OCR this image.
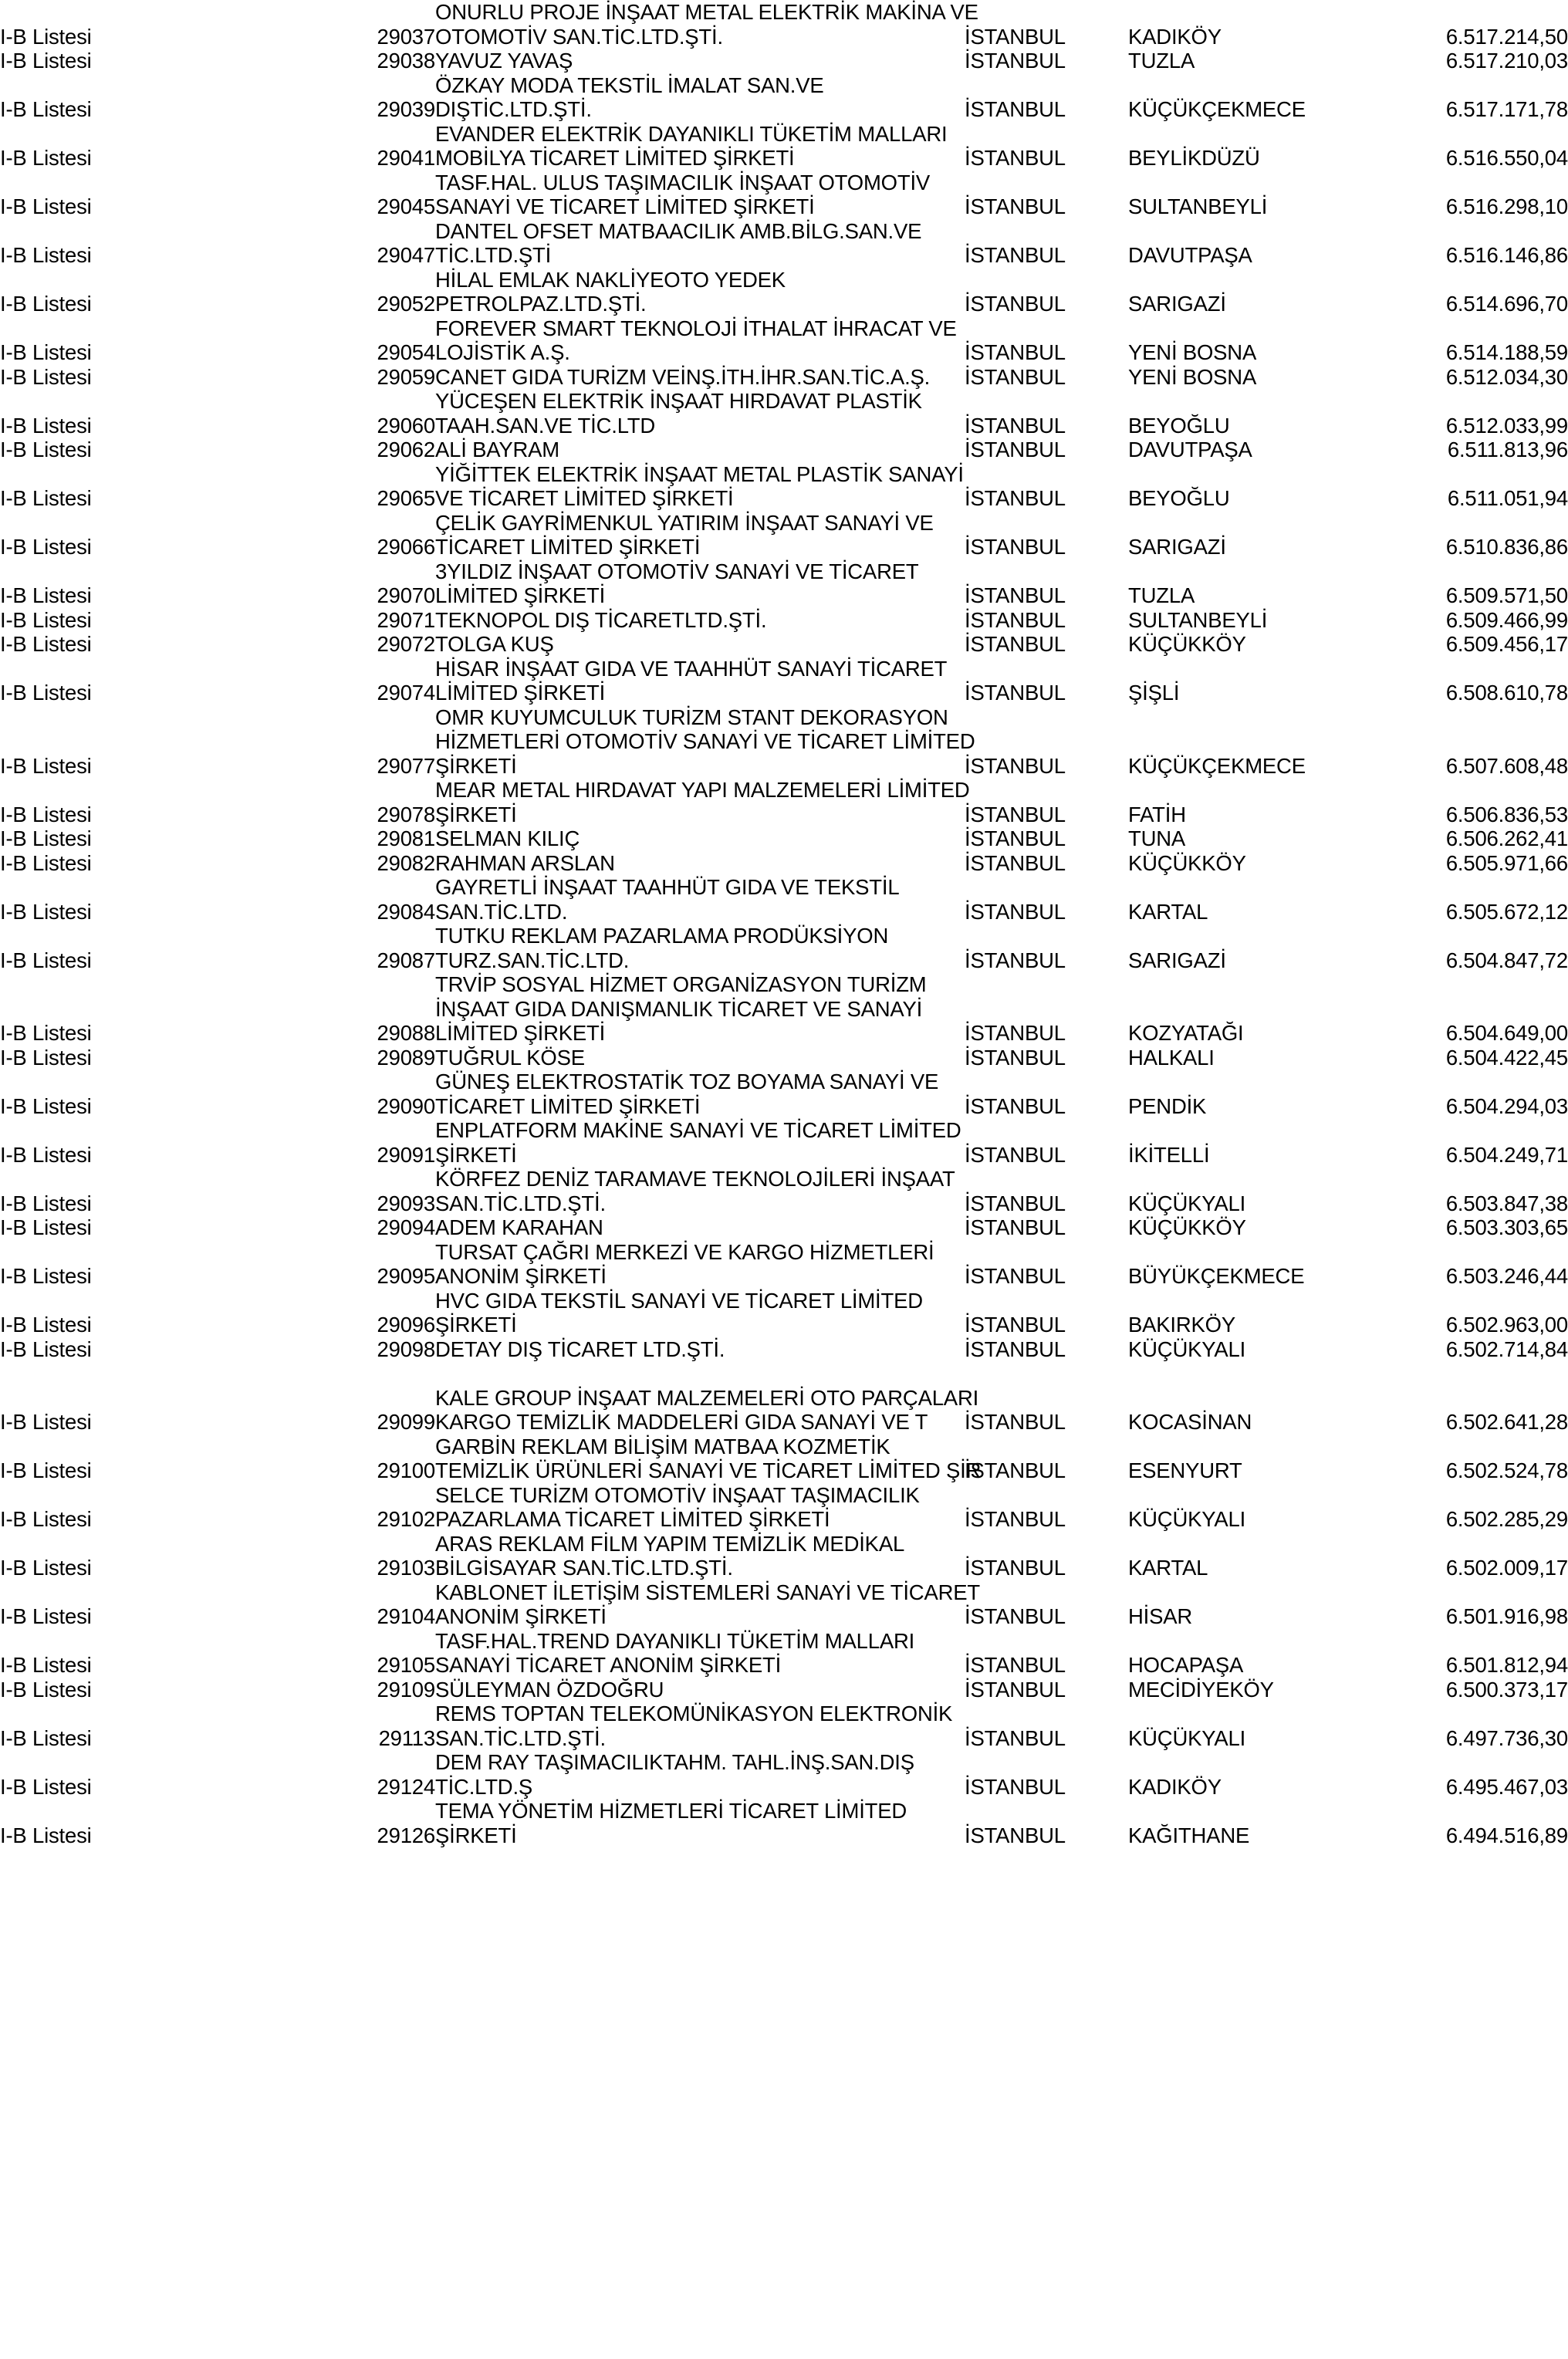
I-B Listesi	29037	ONURLU PROJE İNŞAAT METAL ELEKTRİK MAKİNA VE
OTOMOTİV SAN.TİC.LTD.ŞTİ.	İSTANBUL	KADIKÖY	6.517.214,50
I-B Listesi	29038	YAVUZ YAVAŞ	İSTANBUL	TUZLA	6.517.210,03
I-B Listesi	29039	ÖZKAY MODA TEKSTİL İMALAT SAN.VE
DIŞTİC.LTD.ŞTİ.	İSTANBUL	KÜÇÜKÇEKMECE	6.517.171,78
I-B Listesi	29041	EVANDER ELEKTRİK DAYANIKLI TÜKETİM MALLARI
MOBİLYA TİCARET LİMİTED ŞİRKETİ	İSTANBUL	BEYLİKDÜZÜ	6.516.550,04
I-B Listesi	29045	TASF.HAL. ULUS TAŞIMACILIK İNŞAAT OTOMOTİV
SANAYİ VE TİCARET LİMİTED ŞİRKETİ	İSTANBUL	SULTANBEYLİ	6.516.298,10
I-B Listesi	29047	DANTEL OFSET MATBAACILIK AMB.BİLG.SAN.VE
TİC.LTD.ŞTİ	İSTANBUL	DAVUTPAŞA	6.516.146,86
I-B Listesi	29052	HİLAL EMLAK NAKLİYEOTO YEDEK
PETROLPAZ.LTD.ŞTİ.	İSTANBUL	SARIGAZİ	6.514.696,70
I-B Listesi	29054	FOREVER SMART TEKNOLOJİ İTHALAT İHRACAT VE
LOJİSTİK A.Ş.	İSTANBUL	YENİ BOSNA	6.514.188,59
I-B Listesi	29059	CANET GIDA TURİZM VEİNŞ.İTH.İHR.SAN.TİC.A.Ş.	İSTANBUL	YENİ BOSNA	6.512.034,30
I-B Listesi	29060	YÜCEŞEN ELEKTRİK İNŞAAT HIRDAVAT PLASTİK
TAAH.SAN.VE TİC.LTD	İSTANBUL	BEYOĞLU	6.512.033,99
I-B Listesi	29062	ALİ BAYRAM	İSTANBUL	DAVUTPAŞA	6.511.813,96
I-B Listesi	29065	YİĞİTTEK ELEKTRİK İNŞAAT METAL PLASTİK SANAYİ
VE TİCARET LİMİTED ŞİRKETİ	İSTANBUL	BEYOĞLU	6.511.051,94
I-B Listesi	29066	ÇELİK GAYRİMENKUL YATIRIM İNŞAAT SANAYİ VE
TİCARET LİMİTED ŞİRKETİ	İSTANBUL	SARIGAZİ	6.510.836,86
I-B Listesi	29070	3YILDIZ İNŞAAT OTOMOTİV SANAYİ VE TİCARET
LİMİTED ŞİRKETİ	İSTANBUL	TUZLA	6.509.571,50
I-B Listesi	29071	TEKNOPOL DIŞ TİCARETLTD.ŞTİ.	İSTANBUL	SULTANBEYLİ	6.509.466,99
I-B Listesi	29072	TOLGA KUŞ	İSTANBUL	KÜÇÜKKÖY	6.509.456,17
I-B Listesi	29074	HİSAR İNŞAAT GIDA VE TAAHHÜT SANAYİ TİCARET
LİMİTED ŞİRKETİ	İSTANBUL	ŞİŞLİ	6.508.610,78
I-B Listesi	29077	OMR KUYUMCULUK TURİZM STANT DEKORASYON
HİZMETLERİ OTOMOTİV SANAYİ VE TİCARET LİMİTED
ŞİRKETİ	İSTANBUL	KÜÇÜKÇEKMECE	6.507.608,48
I-B Listesi	29078	MEAR METAL HIRDAVAT YAPI MALZEMELERİ LİMİTED
ŞİRKETİ	İSTANBUL	FATİH	6.506.836,53
I-B Listesi	29081	SELMAN KILIÇ	İSTANBUL	TUNA	6.506.262,41
I-B Listesi	29082	RAHMAN ARSLAN	İSTANBUL	KÜÇÜKKÖY	6.505.971,66
I-B Listesi	29084	GAYRETLİ İNŞAAT TAAHHÜT GIDA VE TEKSTİL
SAN.TİC.LTD.	İSTANBUL	KARTAL	6.505.672,12
I-B Listesi	29087	TUTKU REKLAM PAZARLAMA PRODÜKSİYON
TURZ.SAN.TİC.LTD.	İSTANBUL	SARIGAZİ	6.504.847,72
I-B Listesi	29088	TRVİP SOSYAL HİZMET ORGANİZASYON TURİZM
İNŞAAT GIDA DANIŞMANLIK TİCARET VE SANAYİ
LİMİTED ŞİRKETİ	İSTANBUL	KOZYATAĞI	6.504.649,00
I-B Listesi	29089	TUĞRUL KÖSE	İSTANBUL	HALKALI	6.504.422,45
I-B Listesi	29090	GÜNEŞ ELEKTROSTATİK TOZ BOYAMA SANAYİ VE
TİCARET LİMİTED ŞİRKETİ	İSTANBUL	PENDİK	6.504.294,03
I-B Listesi	29091	ENPLATFORM MAKİNE SANAYİ VE TİCARET LİMİTED
ŞİRKETİ	İSTANBUL	İKİTELLİ	6.504.249,71
I-B Listesi	29093	KÖRFEZ DENİZ TARAMAVE TEKNOLOJİLERİ İNŞAAT
SAN.TİC.LTD.ŞTİ.	İSTANBUL	KÜÇÜKYALI	6.503.847,38
I-B Listesi	29094	ADEM KARAHAN	İSTANBUL	KÜÇÜKKÖY	6.503.303,65
I-B Listesi	29095	TURSAT ÇAĞRI MERKEZİ VE KARGO HİZMETLERİ
ANONİM ŞİRKETİ	İSTANBUL	BÜYÜKÇEKMECE	6.503.246,44
I-B Listesi	29096	HVC GIDA TEKSTİL SANAYİ VE TİCARET LİMİTED
ŞİRKETİ	İSTANBUL	BAKIRKÖY	6.502.963,00
I-B Listesi	29098	DETAY DIŞ TİCARET LTD.ŞTİ.	İSTANBUL	KÜÇÜKYALI	6.502.714,84
I-B Listesi	29099	KALE GROUP İNŞAAT MALZEMELERİ OTO PARÇALARI
KARGO TEMİZLİK MADDELERİ GIDA SANAYİ VE T	İSTANBUL	KOCASİNAN	6.502.641,28
I-B Listesi	29100	GARBİN REKLAM BİLİŞİM MATBAA KOZMETİK
TEMİZLİK ÜRÜNLERİ SANAYİ VE TİCARET LİMİTED ŞİR	İSTANBUL	ESENYURT	6.502.524,78
I-B Listesi	29102	SELCE TURİZM OTOMOTİV İNŞAAT TAŞIMACILIK
PAZARLAMA TİCARET LİMİTED ŞİRKETİ	İSTANBUL	KÜÇÜKYALI	6.502.285,29
I-B Listesi	29103	ARAS REKLAM FİLM YAPIM TEMİZLİK MEDİKAL
BİLGİSAYAR SAN.TİC.LTD.ŞTİ.	İSTANBUL	KARTAL	6.502.009,17
I-B Listesi	29104	KABLONET İLETİŞİM SİSTEMLERİ SANAYİ VE TİCARET
ANONİM ŞİRKETİ	İSTANBUL	HİSAR	6.501.916,98
I-B Listesi	29105	TASF.HAL.TREND DAYANIKLI TÜKETİM MALLARI
SANAYİ TİCARET ANONİM ŞİRKETİ	İSTANBUL	HOCAPAŞA	6.501.812,94
I-B Listesi	29109	SÜLEYMAN ÖZDOĞRU	İSTANBUL	MECİDİYEKÖY	6.500.373,17
I-B Listesi	29113	REMS TOPTAN TELEKOMÜNİKASYON ELEKTRONİK
SAN.TİC.LTD.ŞTİ.	İSTANBUL	KÜÇÜKYALI	6.497.736,30
I-B Listesi	29124	DEM RAY TAŞIMACILIKTAHM. TAHL.İNŞ.SAN.DIŞ
TİC.LTD.Ş	İSTANBUL	KADIKÖY	6.495.467,03
I-B Listesi	29126	TEMA YÖNETİM HİZMETLERİ TİCARET LİMİTED
ŞİRKETİ	İSTANBUL	KAĞITHANE	6.494.516,89
